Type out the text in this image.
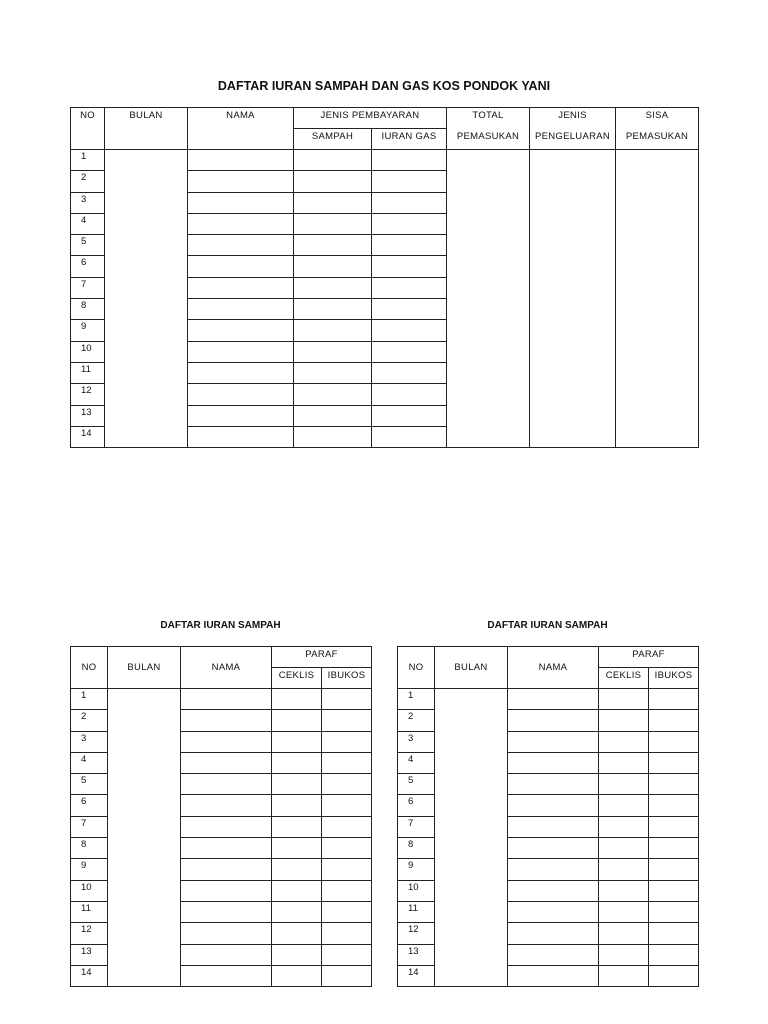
DAFTAR IURAN SAMPAH DAN GAS KOS PONDOK YANI
NO	BULAN	NAMA	JENIS PEMBAYARAN		TOTAL	JENIS	SISA
			SAMPAH	IURAN GAS	PEMASUKAN	PENGELUARAN	PEMASUKAN
1							
2							
3							
4							
5							
6							
7							
8							
9							
10							
11							
12							
13							
14							
DAFTAR IURAN SAMPAH
NO	BULAN	NAMA	PARAF	
			CEKLIS	IBUKOS
1				
2				
3				
4				
5				
6				
7				
8				
9				
10				
11				
12				
13				
14				
DAFTAR IURAN SAMPAH
NO	BULAN	NAMA	PARAF	
			CEKLIS	IBUKOS
1				
2				
3				
4				
5				
6				
7				
8				
9				
10				
11				
12				
13				
14				
